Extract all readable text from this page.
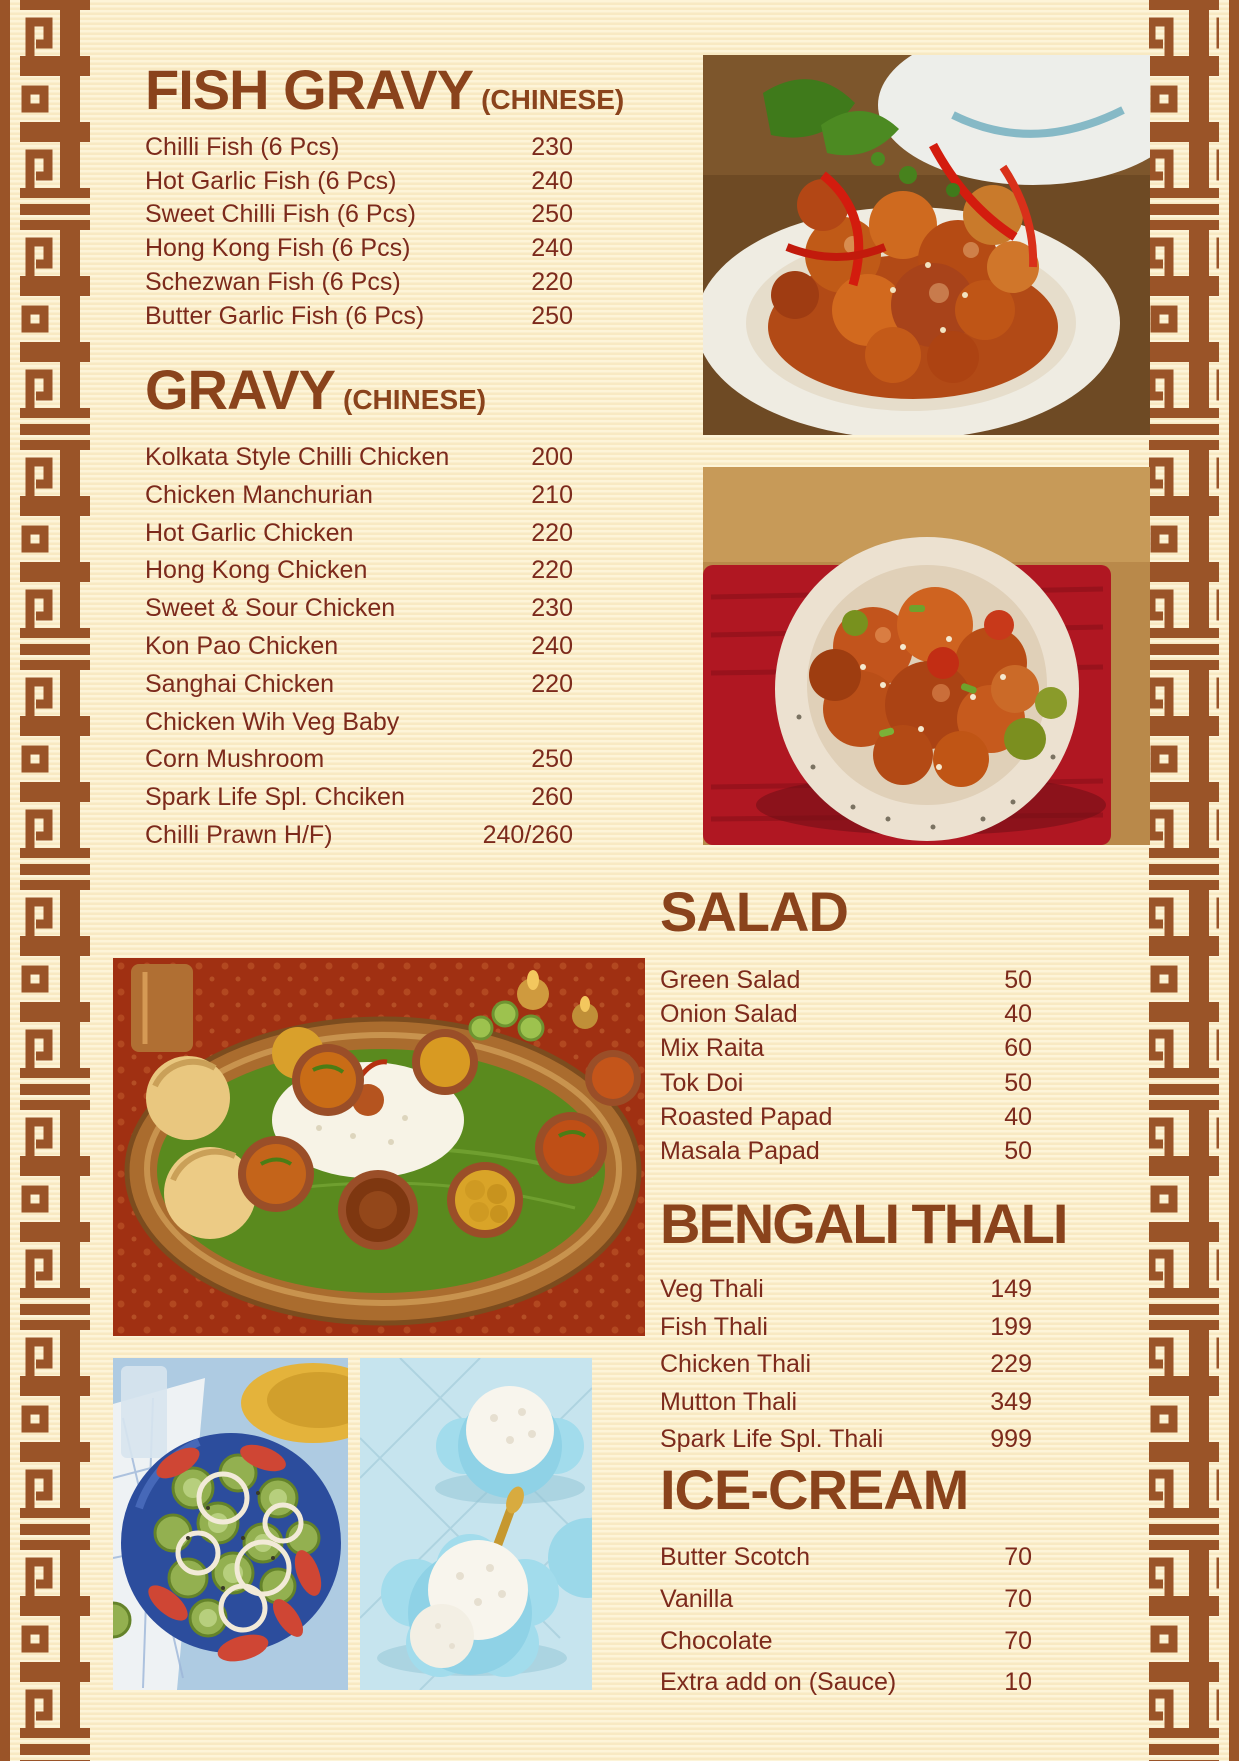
FISH GRAVY (CHINESE)
Chilli Fish (6 Pcs)	230
Hot Garlic Fish (6 Pcs)	240
Sweet Chilli Fish (6 Pcs)	250
Hong Kong Fish (6 Pcs)	240
Schezwan Fish (6 Pcs)	220
Butter Garlic Fish (6 Pcs)	250
GRAVY (CHINESE)
Kolkata Style Chilli Chicken	200
Chicken Manchurian	210
Hot Garlic Chicken	220
Hong Kong Chicken	220
Sweet & Sour Chicken	230
Kon Pao Chicken	240
Sanghai Chicken	220
Chicken Wih Veg Baby
Corn Mushroom	250
Spark Life Spl. Chciken	260
Chilli Prawn H/F)	240/260
SALAD
Green Salad	50
Onion Salad	40
Mix Raita	60
Tok Doi	50
Roasted Papad	40
Masala Papad	50
BENGALI THALI
Veg Thali	149
Fish Thali	199
Chicken Thali	229
Mutton Thali	349
Spark Life Spl. Thali	999
ICE-CREAM
Butter Scotch	70
Vanilla	70
Chocolate	70
Extra add on (Sauce)	10
